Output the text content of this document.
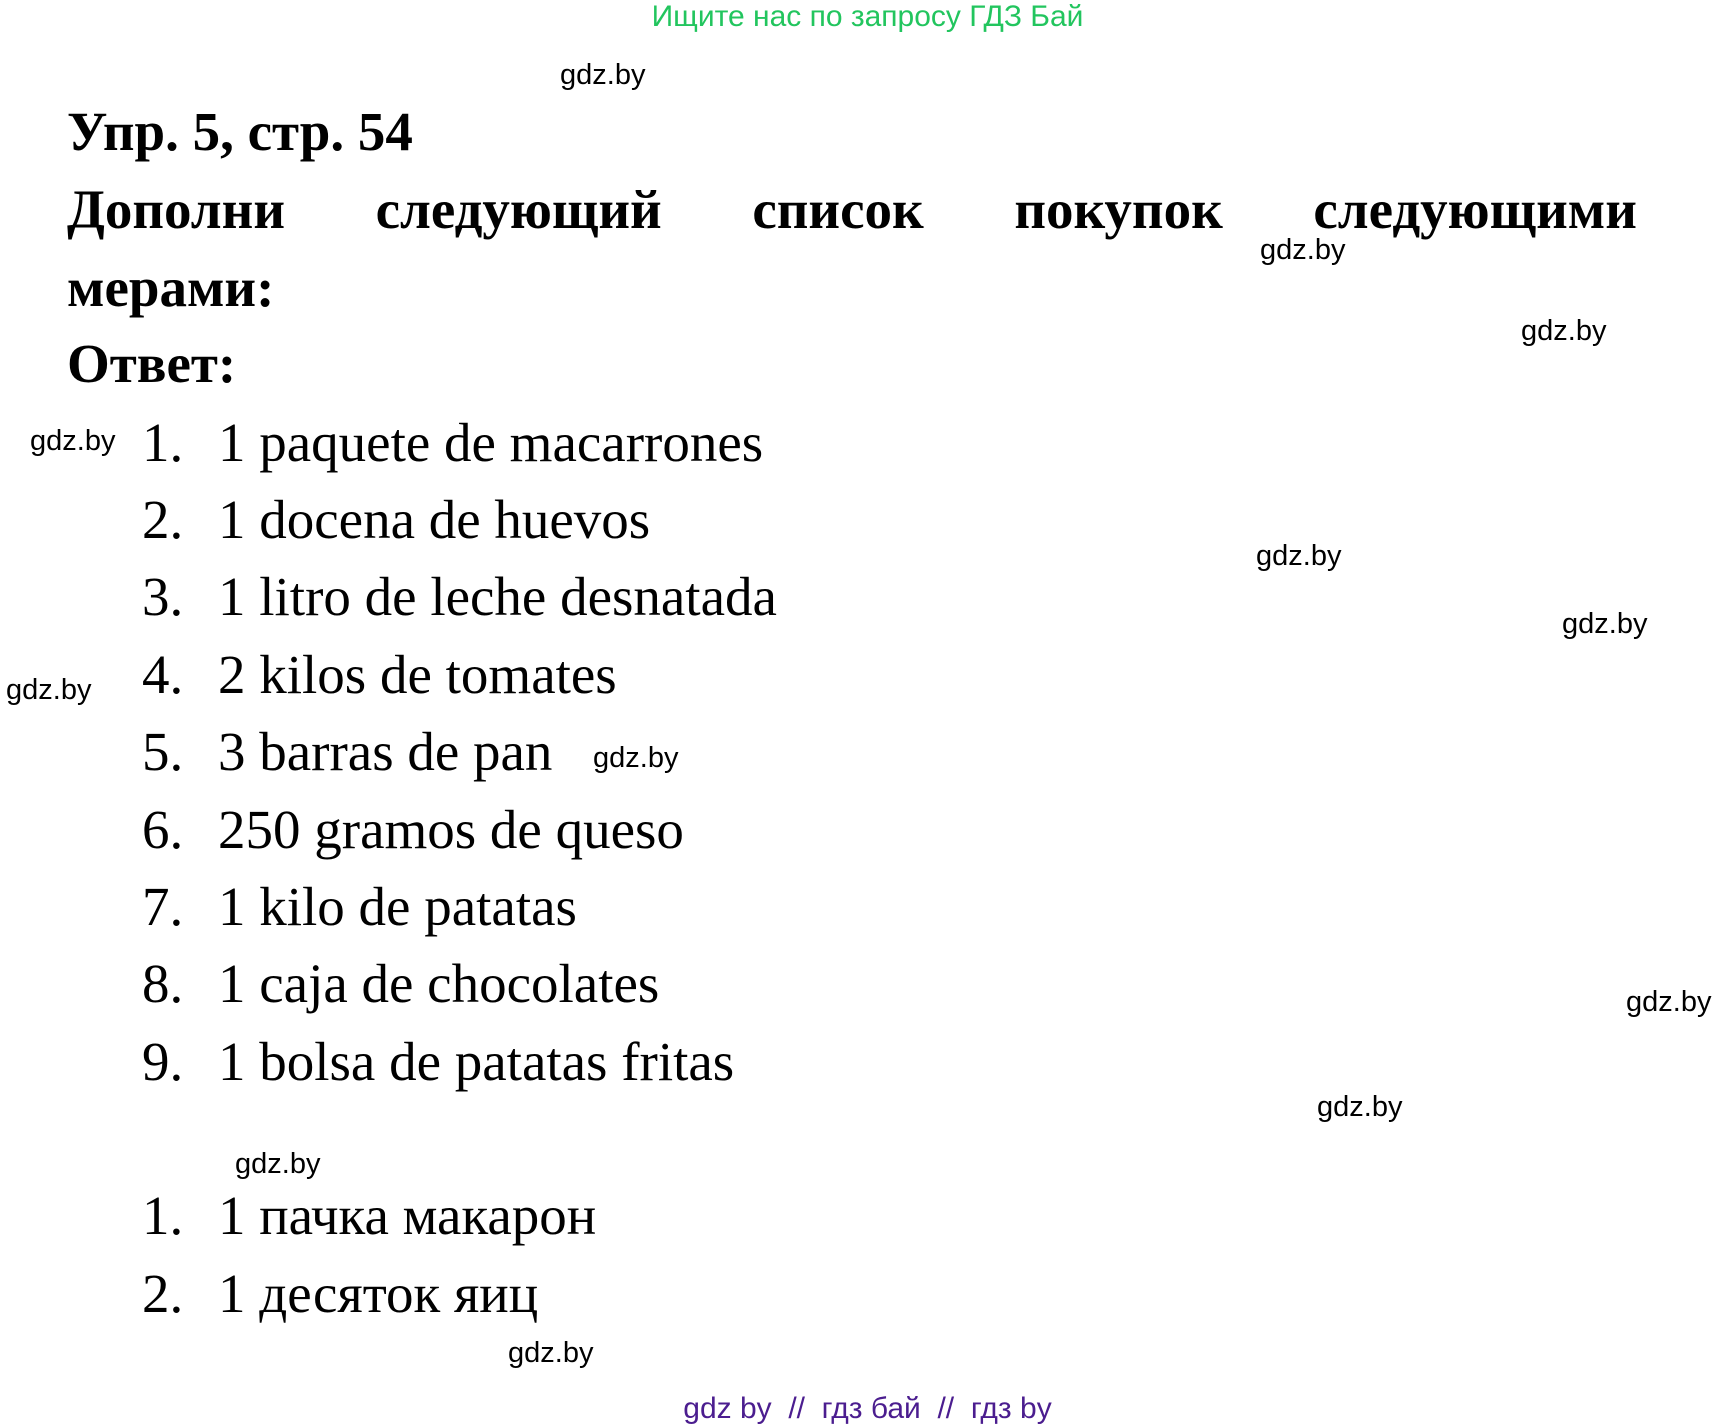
Ищите нас по запросу ГДЗ Бай
gdz.by
gdz.by
gdz.by
gdz.by
gdz.by
gdz.by
gdz.by
gdz.by
gdz.by
gdz.by
gdz.by
gdz.by
Упр. 5, стр. 54
Дополни следующий список покупок следующими
мерами:
Ответ:
1. 1 paquete de macarrones
2. 1 docena de huevos
3. 1 litro de leche desnatada
4. 2 kilos de tomates
5. 3 barras de pan
6. 250 gramos de queso
7. 1 kilo de patatas
8. 1 caja de chocolates
9. 1 bolsa de patatas fritas
1. 1 пачка макарон
2. 1 десяток яиц
gdz by  //  гдз бай  //  гдз by
